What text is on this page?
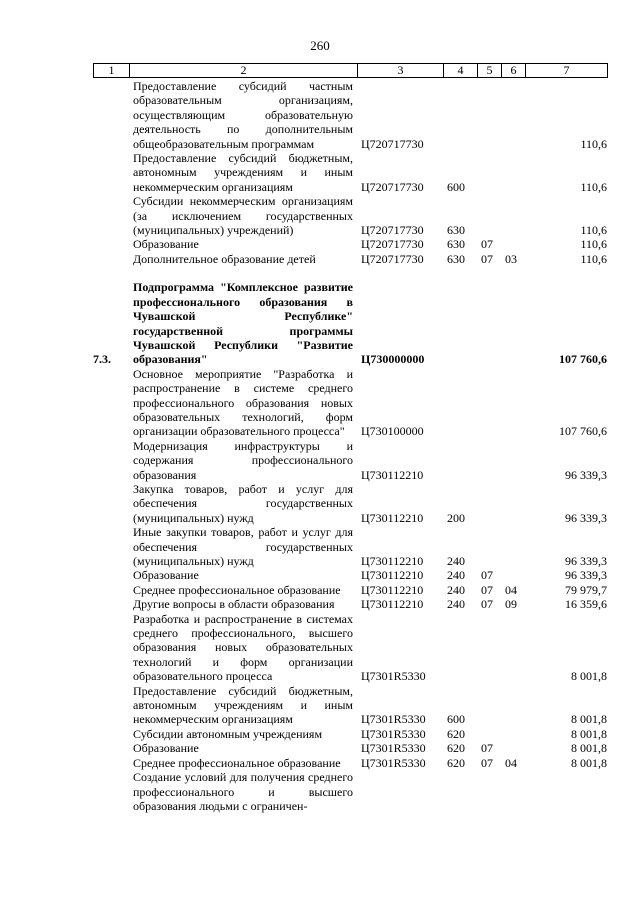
260
1	2	3	4	5	6	7
	Предоставление субсидий частным образовательным организациям, осуществляющим образовательную деятельность по дополнительным общеобразовательным программам	Ц720717730				110,6
	Предоставление субсидий бюджетным, автономным учреждениям и иным некоммерческим организациям	Ц720717730	600			110,6
	Субсидии некоммерческим организациям (за исключением государственных (муниципальных) учреждений)	Ц720717730	630			110,6
	Образование	Ц720717730	630	07		110,6
	Дополнительное образование детей	Ц720717730	630	07	03	110,6

7.3.	Подпрограмма "Комплексное развитие профессионального образования в Чувашской Республике" государственной программы Чувашской Республики "Развитие образования"	Ц730000000				107 760,6
	Основное мероприятие "Разработка и распространение в системе среднего профессионального образования новых образовательных технологий, форм организации образовательного процесса"	Ц730100000				107 760,6
	Модернизация инфраструктуры и содержания профессионального образования	Ц730112210				96 339,3
	Закупка товаров, работ и услуг для обеспечения государственных (муниципальных) нужд	Ц730112210	200			96 339,3
	Иные закупки товаров, работ и услуг для обеспечения государственных (муниципальных) нужд	Ц730112210	240			96 339,3
	Образование	Ц730112210	240	07		96 339,3
	Среднее профессиональное образование	Ц730112210	240	07	04	79 979,7
	Другие вопросы в области образования	Ц730112210	240	07	09	16 359,6
	Разработка и распространение в системах среднего профессионального, высшего образования новых образовательных технологий и форм организации образовательного процесса	Ц7301R5330				8 001,8
	Предоставление субсидий бюджетным, автономным учреждениям и иным некоммерческим организациям	Ц7301R5330	600			8 001,8
	Субсидии автономным учреждениям	Ц7301R5330	620			8 001,8
	Образование	Ц7301R5330	620	07		8 001,8
	Среднее профессиональное образование	Ц7301R5330	620	07	04	8 001,8
	Создание условий для получения среднего профессионального и высшего образования людьми с ограничен-					
